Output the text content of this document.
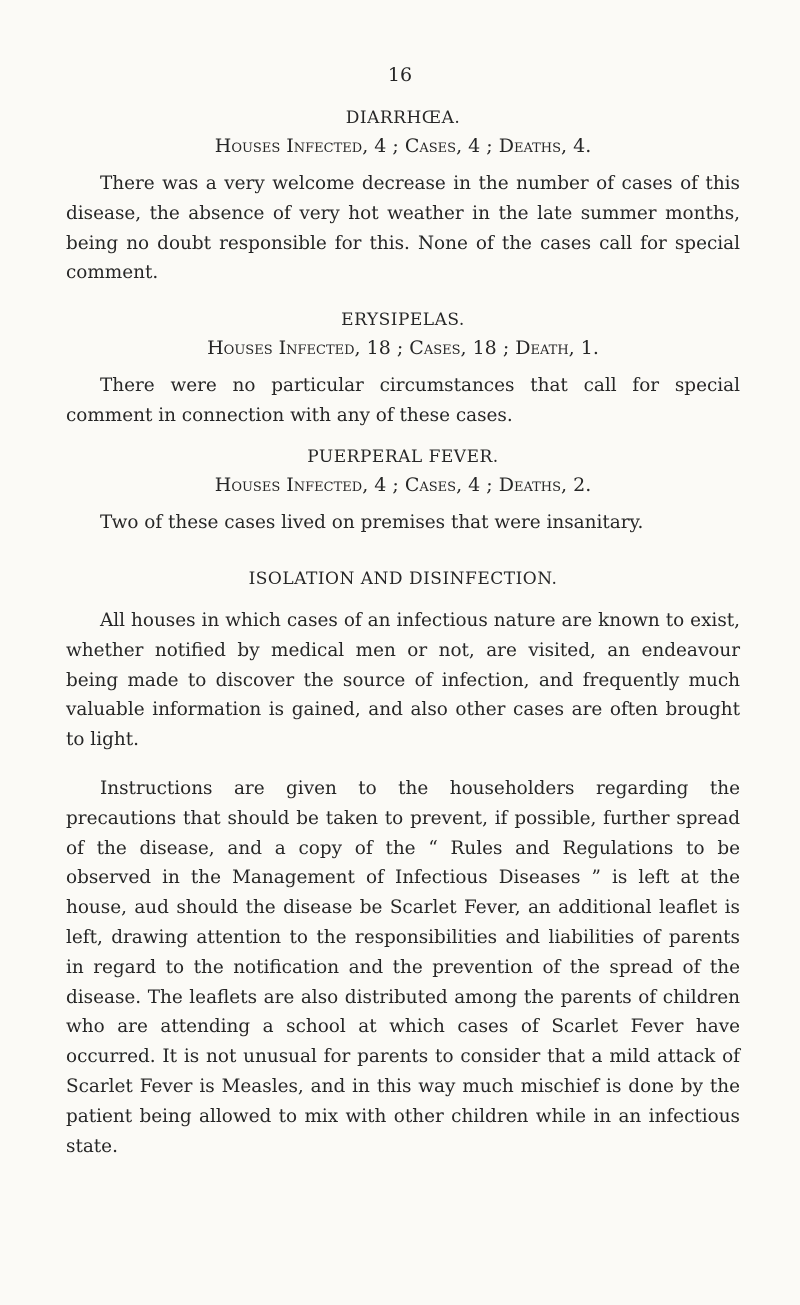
16
DIARRHŒA.

Houses Infected, 4 ; Cases, 4 ; Deaths, 4.

There was a very welcome decrease in the number of cases of this disease, the absence of very hot weather in the late summer months, being no doubt responsible for this. None of the cases call for special comment.

ERYSIPELAS.

Houses Infected, 18 ; Cases, 18 ; Death, 1.

There were no particular circumstances that call for special comment in connection with any of these cases.

PUERPERAL FEVER.

Houses Infected, 4 ; Cases, 4 ; Deaths, 2.

Two of these cases lived on premises that were insanitary.

ISOLATION AND DISINFECTION.

All houses in which cases of an infectious nature are known to exist, whether notified by medical men or not, are visited, an endeavour being made to discover the source of infection, and frequently much valuable information is gained, and also other cases are often brought to light.

Instructions are given to the householders regarding the precautions that should be taken to prevent, if possible, further spread of the disease, and a copy of the “ Rules and Regulations to be observed in the Management of Infectious Diseases ” is left at the house, aud should the disease be Scarlet Fever, an additional leaflet is left, drawing attention to the responsibilities and liabilities of parents in regard to the notification and the prevention of the spread of the disease. The leaflets are also distributed among the parents of children who are attending a school at which cases of Scarlet Fever have occurred. It is not unusual for parents to consider that a mild attack of Scarlet Fever is Measles, and in this way much mischief is done by the patient being allowed to mix with other children while in an infectious state.
